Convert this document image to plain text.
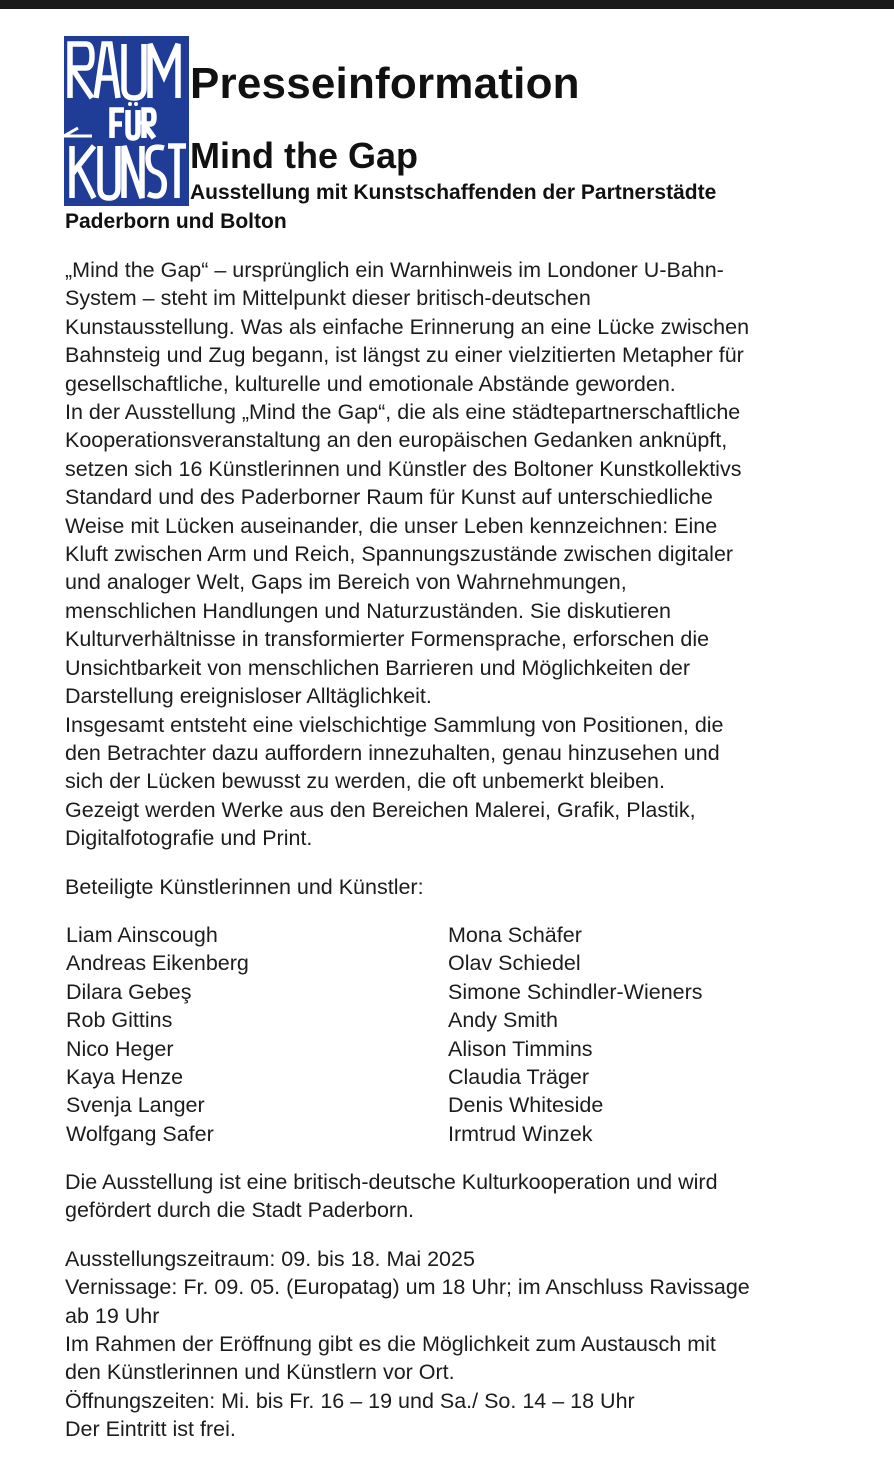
Presseinformation
Mind the Gap

Ausstellung mit Kunstschaffenden der Partnerstädte

Paderborn und Bolton

„Mind the Gap“ – ursprünglich ein Warnhinweis im Londoner U-Bahn-
System – steht im Mittelpunkt dieser britisch-deutschen
Kunstausstellung. Was als einfache Erinnerung an eine Lücke zwischen
Bahnsteig und Zug begann, ist längst zu einer vielzitierten Metapher für
gesellschaftliche, kulturelle und emotionale Abstände geworden.
In der Ausstellung „Mind the Gap“, die als eine städtepartnerschaftliche
Kooperationsveranstaltung an den europäischen Gedanken anknüpft,
setzen sich 16 Künstlerinnen und Künstler des Boltoner Kunstkollektivs
Standard und des Paderborner Raum für Kunst auf unterschiedliche
Weise mit Lücken auseinander, die unser Leben kennzeichnen: Eine
Kluft zwischen Arm und Reich, Spannungszustände zwischen digitaler
und analoger Welt, Gaps im Bereich von Wahrnehmungen,
menschlichen Handlungen und Naturzuständen. Sie diskutieren
Kulturverhältnisse in transformierter Formensprache, erforschen die
Unsichtbarkeit von menschlichen Barrieren und Möglichkeiten der
Darstellung ereignisloser Alltäglichkeit.
Insgesamt entsteht eine vielschichtige Sammlung von Positionen, die
den Betrachter dazu auffordern innezuhalten, genau hinzusehen und
sich der Lücken bewusst zu werden, die oft unbemerkt bleiben.
Gezeigt werden Werke aus den Bereichen Malerei, Grafik, Plastik,
Digitalfotografie und Print.
Beteiligte Künstlerinnen und Künstler:
Liam Ainscough
Andreas Eikenberg
Dilara Gebeş
Rob Gittins
Nico Heger
Kaya Henze
Svenja Langer
Wolfgang Safer
Mona Schäfer
Olav Schiedel
Simone Schindler-Wieners
Andy Smith
Alison Timmins
Claudia Träger
Denis Whiteside
Irmtrud Winzek
Die Ausstellung ist eine britisch-deutsche Kulturkooperation und wird
gefördert durch die Stadt Paderborn.
Ausstellungszeitraum: 09. bis 18. Mai 2025
Vernissage: Fr. 09. 05. (Europatag) um 18 Uhr; im Anschluss Ravissage
ab 19 Uhr
Im Rahmen der Eröffnung gibt es die Möglichkeit zum Austausch mit
den Künstlerinnen und Künstlern vor Ort.
Öffnungszeiten: Mi. bis Fr. 16 – 19 und Sa./ So. 14 – 18 Uhr
Der Eintritt ist frei.
